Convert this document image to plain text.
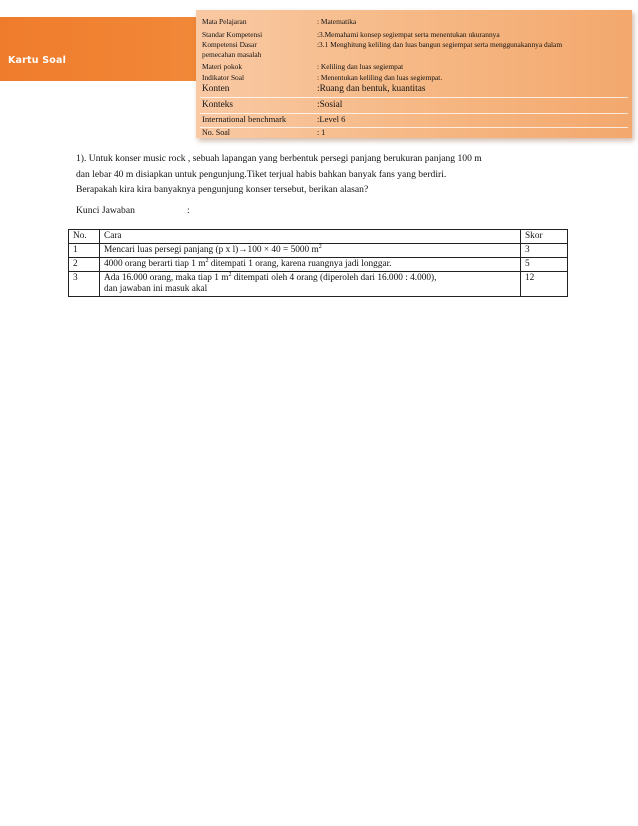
Kartu Soal
Mata Pelajaran	: Matematika
Standar Kompetensi	:3.Memahami konsep segiempat serta menentukan ukurannya
Kompetensi Dasar	:3.1 Menghitung keliling dan luas bangun segiempat serta menggunakannya dalam
pemecahan masalah
Materi pokok	: Keliling dan luas segiempat
Indikator Soal	: Menentukan keliling dan luas segiempat.
Konten	:Ruang dan bentuk, kuantitas
Konteks	:Sosial
International benchmark	:Level 6
No. Soal	: 1
1). Untuk konser music rock , sebuah lapangan yang berbentuk persegi panjang berukuran panjang 100 m
dan lebar 40 m disiapkan untuk pengunjung.Tiket terjual habis bahkan banyak fans yang berdiri.
Berapakah kira kira banyaknya pengunjung konser tersebut, berikan alasan?
Kunci Jawaban	:
No.	Cara	Skor
1	Mencari luas persegi panjang (p x l)→100 × 40 = 5000 $m^2$	3
2	4000 orang berarti tiap 1 $m^2$ ditempati 1 orang, karena ruangnya jadi longgar.	5
3	Ada 16.000 orang, maka tiap 1 $m^2$ ditempati oleh 4 orang (diperoleh dari 16.000 : 4.000),
dan jawaban ini masuk akal	12
